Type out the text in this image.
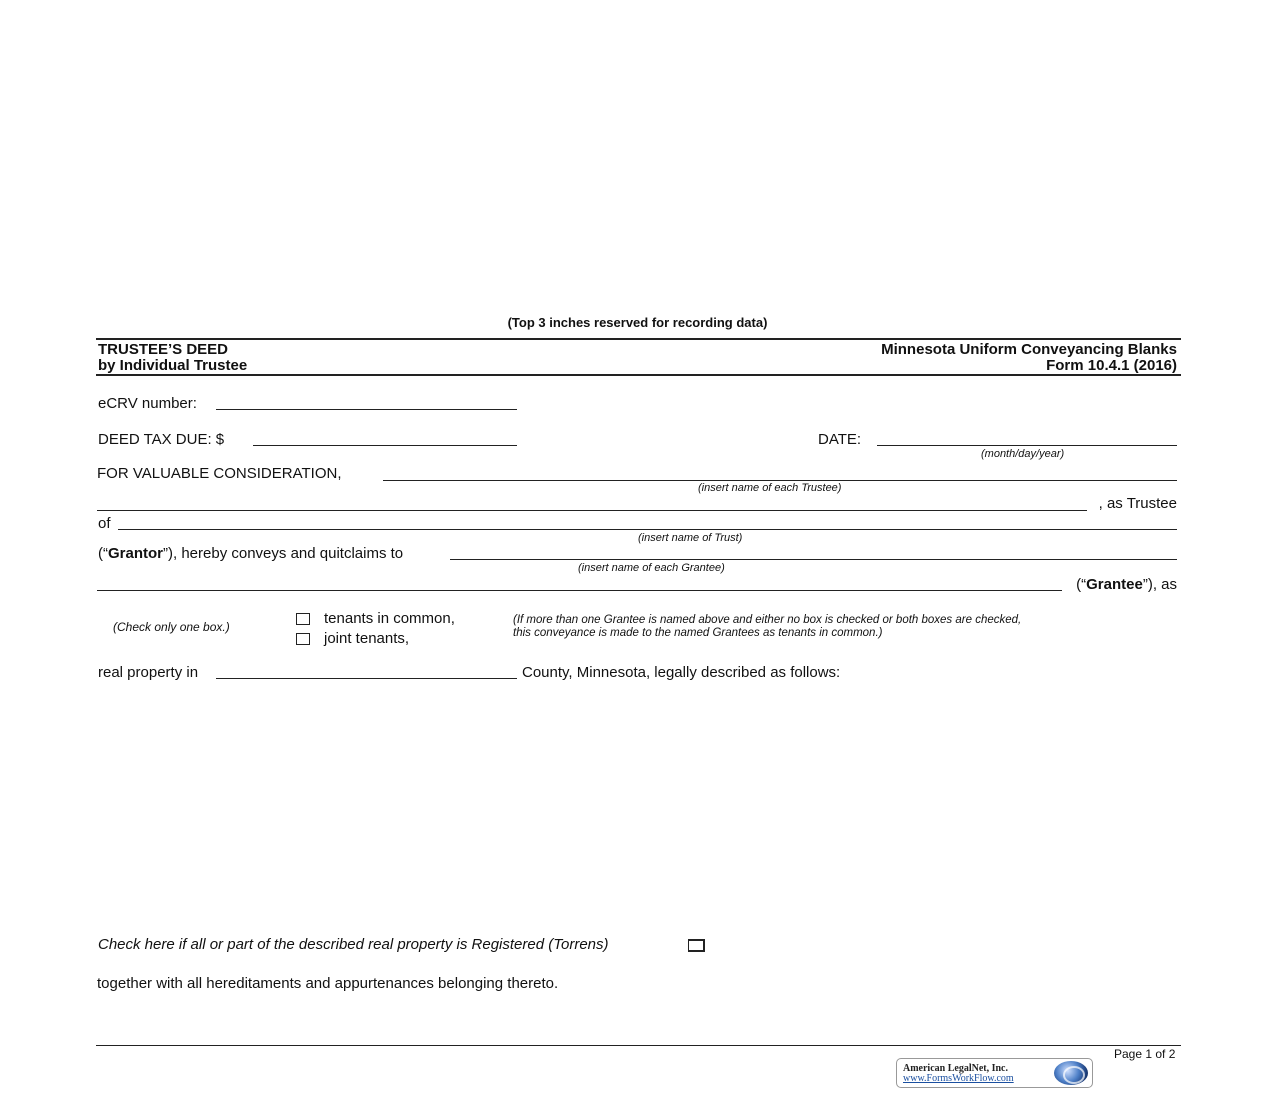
(Top 3 inches reserved for recording data)
TRUSTEE’S DEED
by Individual Trustee
Minnesota Uniform Conveyancing Blanks
Form 10.4.1 (2016)
eCRV number:
DEED TAX DUE: $	DATE:
(month/day/year)
FOR VALUABLE CONSIDERATION,
(insert name of each Trustee)
, as Trustee
of
(insert name of Trust)
(“Grantor”), hereby conveys and quitclaims to
(insert name of each Grantee)
(“Grantee”), as
(Check only one box.)	tenants in common,
joint tenants,
(If more than one Grantee is named above and either no box is checked or both boxes are checked,
this conveyance is made to the named Grantees as tenants in common.)
real property in	County, Minnesota, legally described as follows:
Check here if all or part of the described real property is Registered (Torrens)
together with all hereditaments and appurtenances belonging thereto.
Page 1 of 2
American LegalNet, Inc.
www.FormsWorkFlow.com
